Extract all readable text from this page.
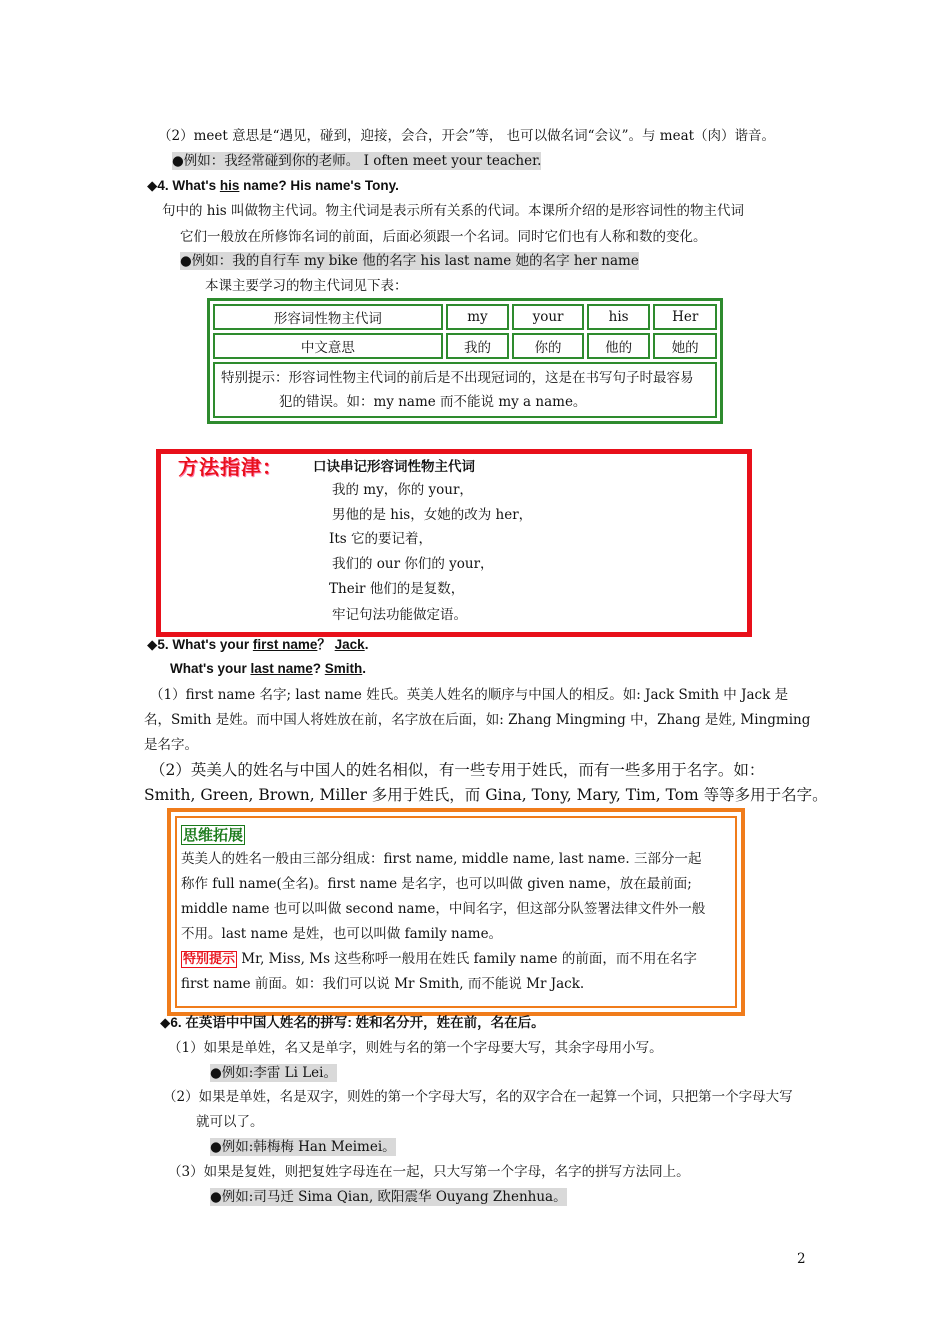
（2）meet 意思是“遇见，碰到，迎接，会合，开会”等， 也可以做名词“会议”。与 meat（肉）谐音。
●例如：我经常碰到你的老师。 I often meet your teacher.
◆4. What's his name? His name's Tony.
句中的 his 叫做物主代词。物主代词是表示所有关系的代词。本课所介绍的是形容词性的物主代词
它们一般放在所修饰名词的前面，后面必须跟一个名词。同时它们也有人称和数的变化。
●例如：我的自行车 my bike 他的名字 his last name 她的名字 her name
本课主要学习的物主代词见下表：
形容词性物主代词	my	your	his	Her
中文意思	我的	你的	他的	她的

特别提示：形容词性物主代词的前后是不出现冠词的，这是在书写句子时最容易
犯的错误。如：my name 而不能说 my a name。				
方法指津： 口诀串记形容词性物主代词
我的 my，你的 your，
男他的是 his，女她的改为 her，
Its 它的要记着，
我们的 our 你们的 your，
Their 他们的是复数，
牢记句法功能做定语。
◆5. What's your first name？ Jack.
What's your last name? Smith.
（1）first name 名字; last name 姓氏。英美人姓名的顺序与中国人的相反。如: Jack Smith 中 Jack 是
名，Smith 是姓。而中国人将姓放在前，名字放在后面，如: Zhang Mingming 中，Zhang 是姓, Mingming
是名字。
（2）英美人的姓名与中国人的姓名相似，有一些专用于姓氏，而有一些多用于名字。如：
Smith, Green, Brown, Miller 多用于姓氏，而 Gina, Tony, Mary, Tim, Tom 等等多用于名字。
思维拓展
英美人的姓名一般由三部分组成：first name, middle name, last name. 三部分一起
称作 full name(全名)。first name 是名字，也可以叫做 given name，放在最前面;
middle name 也可以叫做 second name，中间名字，但这部分队签署法律文件外一般
不用。last name 是姓，也可以叫做 family name。
特别提示 Mr, Miss, Ms 这些称呼一般用在姓氏 family name 的前面，而不用在名字
first name 前面。如：我们可以说 Mr Smith, 而不能说 Mr Jack.
◆6. 在英语中中国人姓名的拼写: 姓和名分开，姓在前，名在后。
（1）如果是单姓，名又是单字，则姓与名的第一个字母要大写，其余字母用小写。
●例如:李雷 Li Lei。
（2）如果是单姓，名是双字，则姓的第一个字母大写，名的双字合在一起算一个词，只把第一个字母大写
就可以了。
●例如:韩梅梅 Han Meimei。
（3）如果是复姓，则把复姓字母连在一起，只大写第一个字母，名字的拼写方法同上。
●例如:司马迁 Sima Qian, 欧阳震华 Ouyang Zhenhua。
2
